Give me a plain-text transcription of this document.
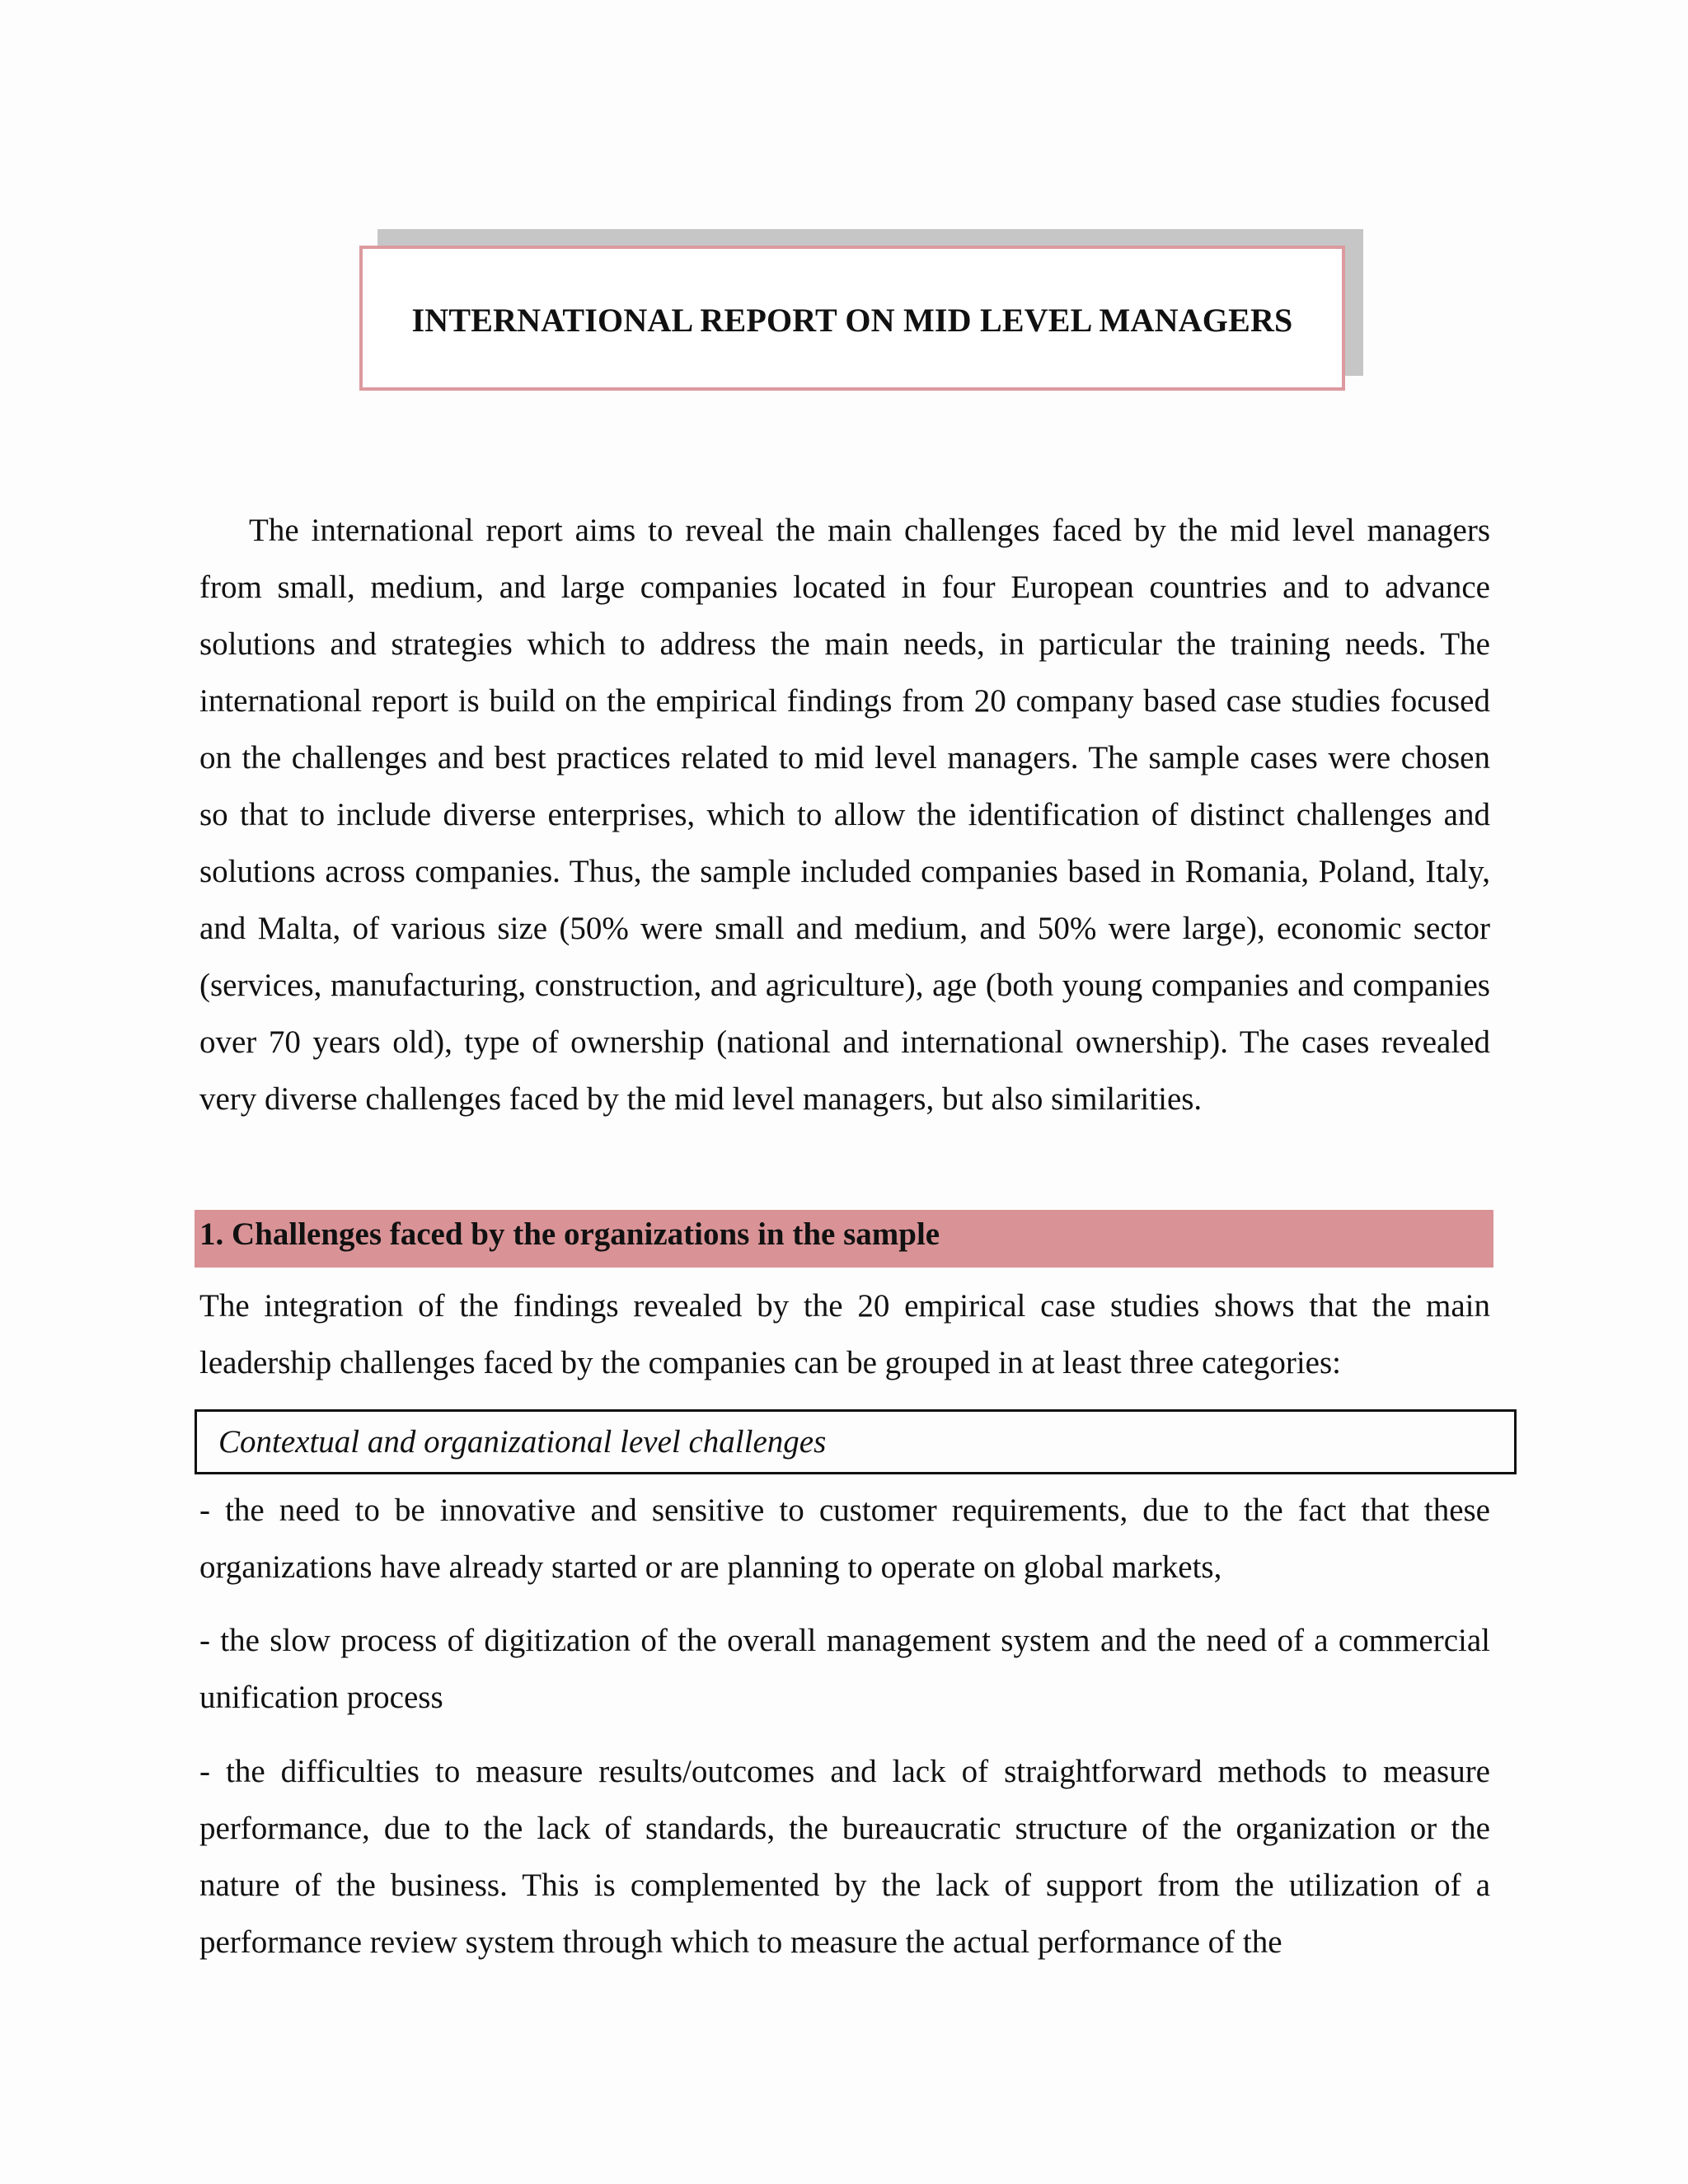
INTERNATIONAL REPORT ON MID LEVEL MANAGERS

The international report aims to reveal the main challenges faced by the mid level managers from small, medium, and large companies located in four European countries and to advance solutions and strategies which to address the main needs, in particular the training needs. The international report is build on the empirical findings from 20 company based case studies focused on the challenges and best practices related to mid level managers. The sample cases were chosen so that to include diverse enterprises, which to allow the identification of distinct challenges and solutions across companies. Thus, the sample included companies based in Romania, Poland, Italy, and Malta, of various size (50% were small and medium, and 50% were large), economic sector (services, manufacturing, construction, and agriculture), age (both young companies and companies over 70 years old), type of ownership (national and international ownership). The cases revealed very diverse challenges faced by the mid level managers, but also similarities.

1. Challenges faced by the organizations in the sample

The integration of the findings revealed by the 20 empirical case studies shows that the main leadership challenges faced by the companies can be grouped in at least three categories:

Contextual and organizational level challenges

- the need to be innovative and sensitive to customer requirements, due to the fact that these organizations have already started or are planning to operate on global markets,

- the slow process of digitization of the overall management system and the need of a commercial unification process

- the difficulties to measure results/outcomes and lack of straightforward methods to measure performance, due to the lack of standards, the bureaucratic structure of the organization or the nature of the business. This is complemented by the lack of support from the utilization of a performance review system through which to measure the actual performance of the
